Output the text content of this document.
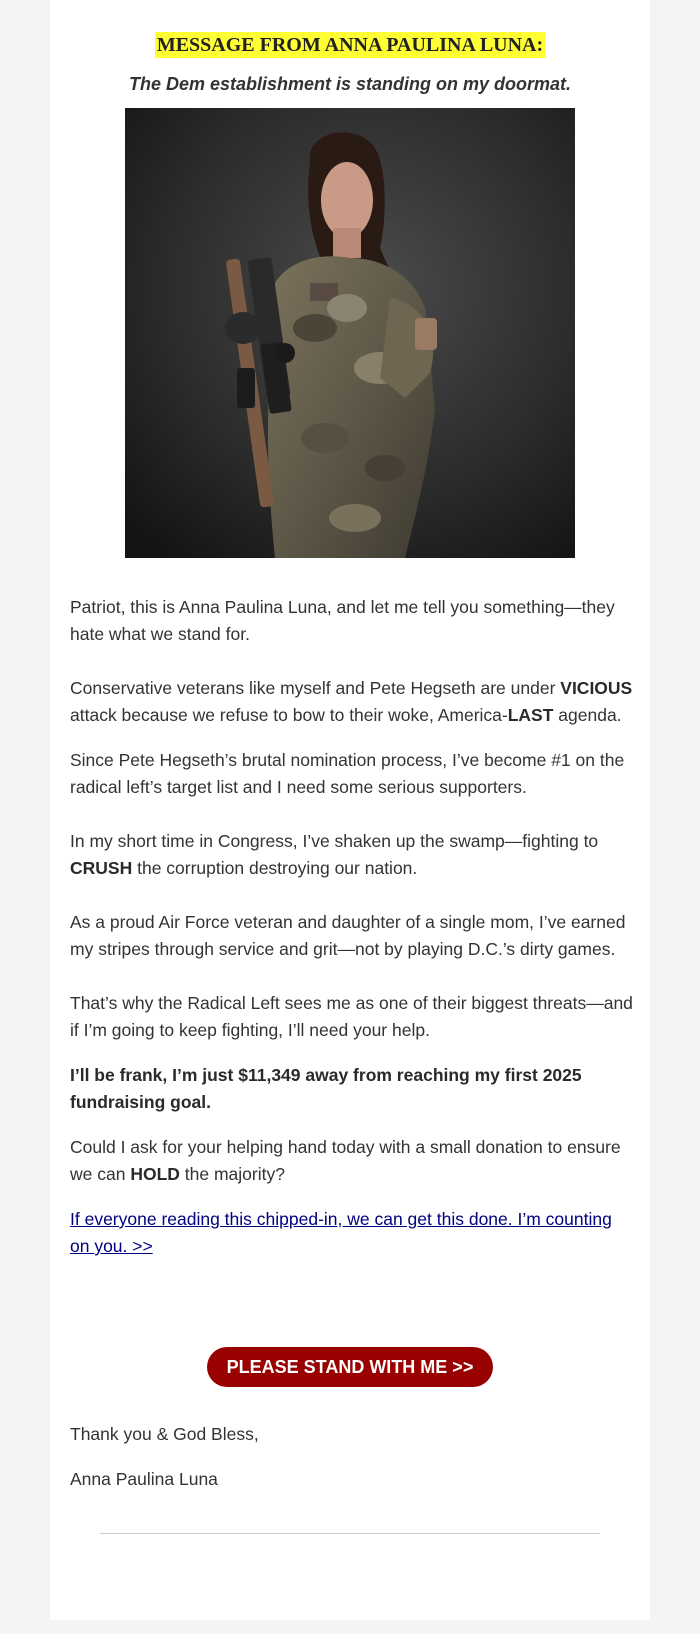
MESSAGE FROM ANNA PAULINA LUNA:
The Dem establishment is standing on my doormat.

Patriot, this is Anna Paulina Luna, and let me tell you something—they hate what we stand for.

Conservative veterans like myself and Pete Hegseth are under VICIOUS attack because we refuse to bow to their woke, America-LAST agenda.

Since Pete Hegseth’s brutal nomination process, I’ve become #1 on the radical left’s target list and I need some serious supporters.

In my short time in Congress, I’ve shaken up the swamp—fighting to CRUSH the corruption destroying our nation.

As a proud Air Force veteran and daughter of a single mom, I’ve earned my stripes through service and grit—not by playing D.C.’s dirty games.

That’s why the Radical Left sees me as one of their biggest threats—and if I’m going to keep fighting, I’ll need your help.

I’ll be frank, I’m just $11,349 away from reaching my first 2025 fundraising goal.

Could I ask for your helping hand today with a small donation to ensure we can HOLD the majority?

If everyone reading this chipped-in, we can get this done. I’m counting on you. >>

PLEASE STAND WITH ME >>
Thank you & God Bless,
Anna Paulina Luna
